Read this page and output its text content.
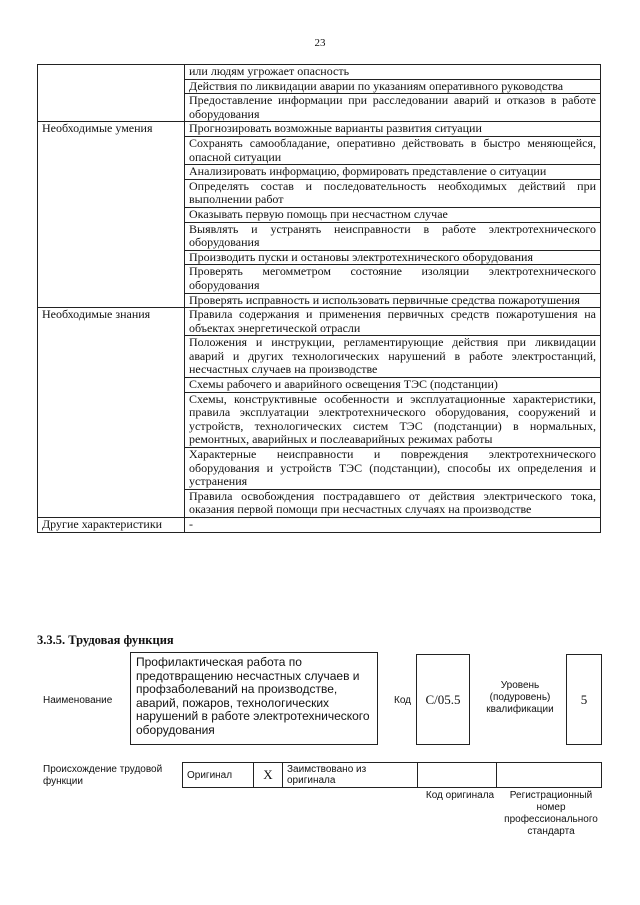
23
	или людям угрожает опасность
	Действия по ликвидации аварии по указаниям оперативного руководства
	Предоставление информации при расследовании аварий и отказов в работе оборудования
Необходимые умения	Прогнозировать возможные варианты развития ситуации
	Сохранять самообладание, оперативно действовать в быстро меняющейся, опасной ситуации
	Анализировать информацию, формировать представление о ситуации
	Определять состав и последовательность необходимых действий при выполнении работ
	Оказывать первую помощь при несчастном случае
	Выявлять и устранять неисправности в работе электротехнического оборудования
	Производить пуски и остановы электротехнического оборудования
	Проверять мегомметром состояние изоляции электротехнического оборудования
	Проверять исправность и использовать первичные средства пожаротушения
Необходимые знания	Правила содержания и применения первичных средств пожаротушения на объектах энергетической отрасли
	Положения и инструкции, регламентирующие действия при ликвидации аварий и других технологических нарушений в работе электростанций, несчастных случаев на производстве
	Схемы рабочего и аварийного освещения ТЭС (подстанции)
	Схемы, конструктивные особенности и эксплуатационные характеристики, правила эксплуатации электротехнического оборудования, сооружений и устройств, технологических систем ТЭС (подстанции) в нормальных, ремонтных, аварийных и послеаварийных режимах работы
	Характерные неисправности и повреждения электротехнического оборудования и устройств ТЭС (подстанции), способы их определения и устранения
	Правила освобождения пострадавшего от действия электрического тока, оказания первой помощи при несчастных случаях на производстве
Другие характеристики	-
3.3.5. Трудовая функция
Наименование
Профилактическая работа по предотвращению несчастных случаев и профзаболеваний на производстве, аварий, пожаров, технологических нарушений в работе электротехнического оборудования
Код	С/05.5
Уровень (подуровень) квалификации
5
Происхождение трудовой функции
Оригинал	X	Заимствовано из оригинала		
Код оригинала	Регистрационный номер профессионального стандарта
